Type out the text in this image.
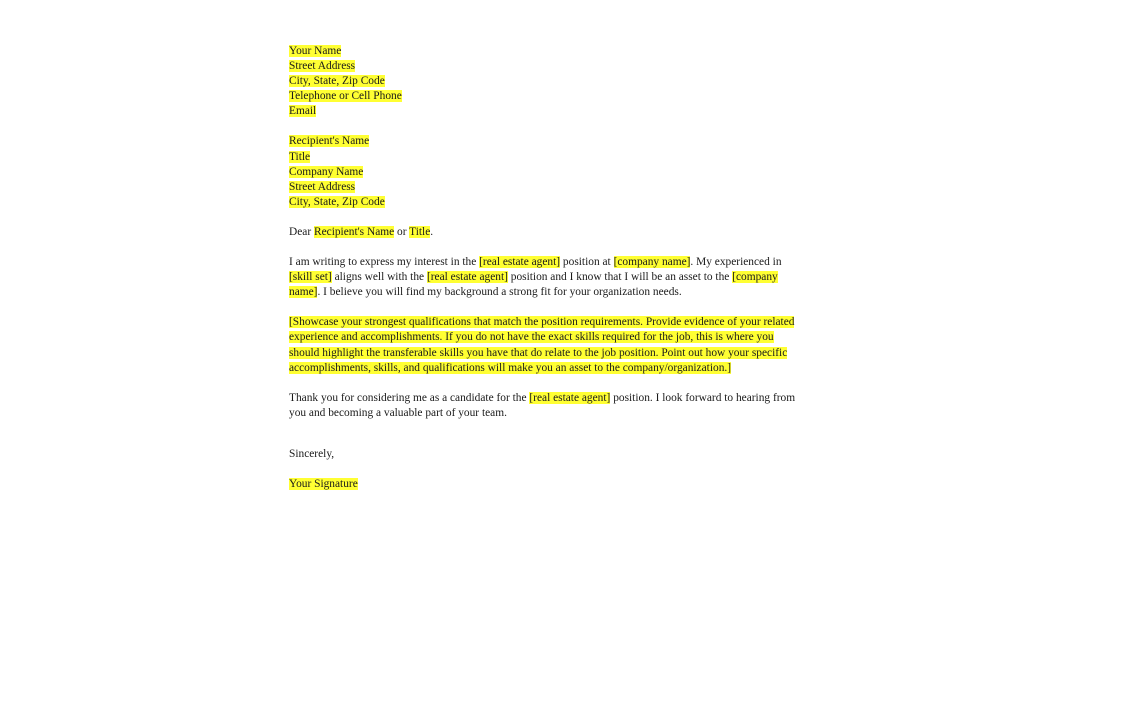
Your Name
Street Address
City, State, Zip Code
Telephone or Cell Phone
Email
Recipient's Name
Title
Company Name
Street Address
City, State, Zip Code

Dear Recipient's Name or Title.

I am writing to express my interest in the [real estate agent] position at [company name]. My experienced in [skill set] aligns well with the [real estate agent] position and I know that I will be an asset to the [company name]. I believe you will find my background a strong fit for your organization needs.

[Showcase your strongest qualifications that match the position requirements. Provide evidence of your related experience and accomplishments. If you do not have the exact skills required for the job, this is where you should highlight the transferable skills you have that do relate to the job position. Point out how your specific accomplishments, skills, and qualifications will make you an asset to the company/organization.]

Thank you for considering me as a candidate for the [real estate agent] position. I look forward to hearing from you and becoming a valuable part of your team.

Sincerely,

Your Signature
